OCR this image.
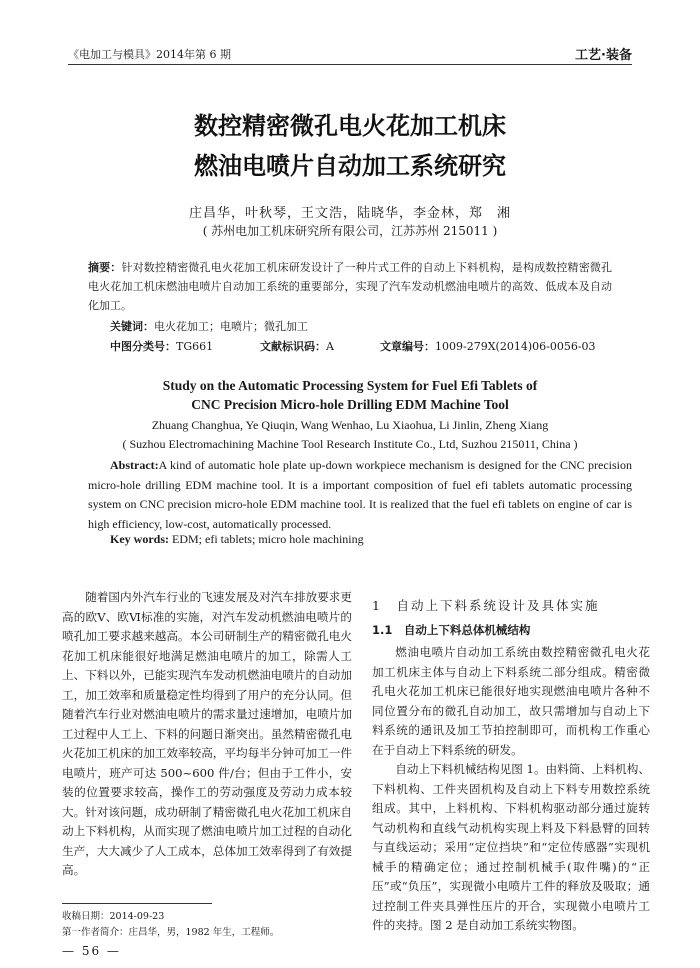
《电加工与模具》2014年第 6 期	工艺·装备
数控精密微孔电火花加工机床
燃油电喷片自动加工系统研究
庄昌华，叶秋琴，王文浩，陆晓华，李金林，郑　湘
( 苏州电加工机床研究所有限公司，江苏苏州 215011 )
摘要：针对数控精密微孔电火花加工机床研发设计了一种片式工件的自动上下料机构，是构成数控精密微孔电火花加工机床燃油电喷片自动加工系统的重要部分，实现了汽车发动机燃油电喷片的高效、低成本及自动化加工。
关键词：电火花加工；电喷片；微孔加工
中图分类号：TG661	文献标识码：A	文章编号：1009-279X(2014)06-0056-03
Study on the Automatic Processing System for Fuel Efi Tablets of
CNC Precision Micro-hole Drilling EDM Machine Tool
Zhuang Changhua, Ye Qiuqin, Wang Wenhao, Lu Xiaohua, Li Jinlin, Zheng Xiang
( Suzhou Electromachining Machine Tool Research Institute Co., Ltd, Suzhou 215011, China )
Abstract:A kind of automatic hole plate up-down workpiece mechanism is designed for the CNC precision micro-hole drilling EDM machine tool. It is a important composition of fuel efi tablets automatic processing system on CNC precision micro-hole EDM machine tool. It is realized that the fuel efi tablets on engine of car is high efficiency, low-cost, automatically processed.
Key words: EDM; efi tablets; micro hole machining

随着国内外汽车行业的飞速发展及对汽车排放要求更高的欧Ⅴ、欧Ⅵ标准的实施，对汽车发动机燃油电喷片的喷孔加工要求越来越高。本公司研制生产的精密微孔电火花加工机床能很好地满足燃油电喷片的加工，除需人工上、下料以外，已能实现汽车发动机燃油电喷片的自动加工，加工效率和质量稳定性均得到了用户的充分认同。但随着汽车行业对燃油电喷片的需求量过速增加，电喷片加工过程中人工上、下料的问题日渐突出。虽然精密微孔电火花加工机床的加工效率较高，平均每半分钟可加工一件电喷片，班产可达 500~600 件/台；但由于工件小，安装的位置要求较高，操作工的劳动强度及劳动力成本较大。针对该问题，成功研制了精密微孔电火花加工机床自动上下料机构，从而实现了燃油电喷片加工过程的自动化生产，大大减少了人工成本，总体加工效率得到了有效提高。

1　自动上下料系统设计及具体实施

1.1　自动上下料总体机械结构

燃油电喷片自动加工系统由数控精密微孔电火花加工机床主体与自动上下料系统二部分组成。精密微孔电火花加工机床已能很好地实现燃油电喷片各种不同位置分布的微孔自动加工，故只需增加与自动上下料系统的通讯及加工节拍控制即可，而机构工作重心在于自动上下料系统的研发。

自动上下料机械结构见图 1。由料筒、上料机构、下料机构、工件夹固机构及自动上下料专用数控系统组成。其中，上料机构、下料机构驱动部分通过旋转气动机构和直线气动机构实现上料及下料悬臂的回转与直线运动；采用“定位挡块”和“定位传感器”实现机械手的精确定位；通过控制机械手(取件嘴)的“正压”或“负压”，实现微小电喷片工件的释放及吸取；通过控制工件夹具弹性压片的开合，实现微小电喷片工件的夹持。图 2 是自动加工系统实物图。

收稿日期：2014-09-23
第一作者简介：庄昌华，男，1982 年生，工程师。
— 56 —
